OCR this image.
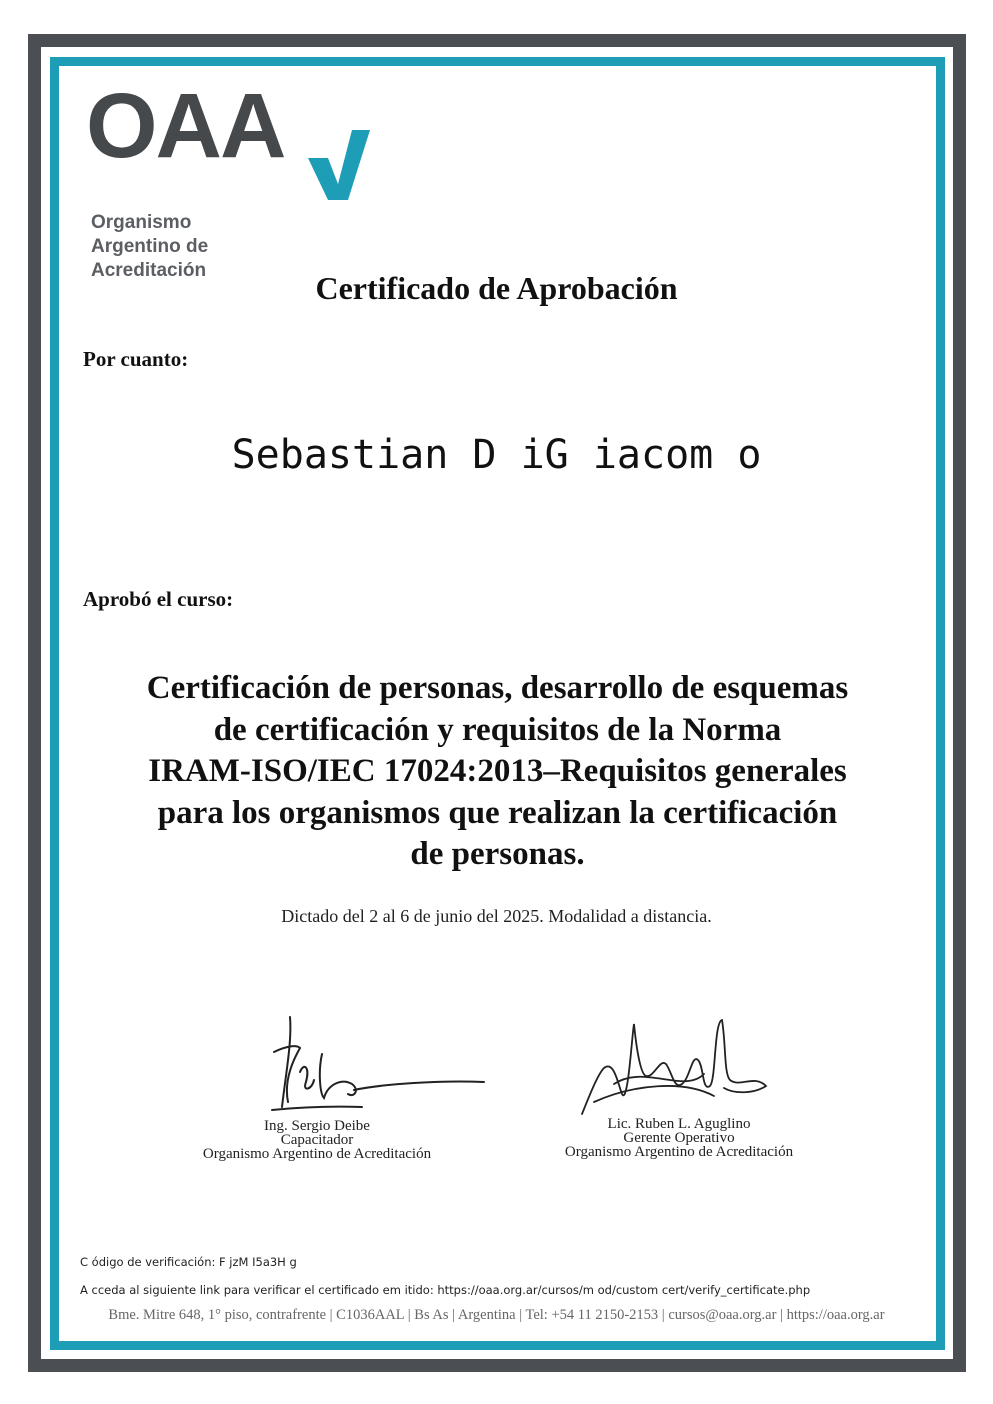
OAA
Organismo
Argentino de
Acreditación	Certificado de Aprobación
Por cuanto:
Sebastian D iG iacom o
Aprobó el curso:
Certificación de personas, desarrollo de esquemas
de certificación y requisitos de la Norma
IRAM-ISO/IEC 17024:2013–Requisitos generales
para los organismos que realizan la certificación
de personas.
Dictado del 2 al 6 de junio del 2025. Modalidad a distancia.
Ing. Sergio Deibe
Capacitador
Organismo Argentino de Acreditación
Lic. Ruben L. Aguglino
Gerente Operativo
Organismo Argentino de Acreditación
C ódigo de verificación: F jzM I5a3H g
A cceda al siguiente link para verificar el certificado em itido: https://oaa.org.ar/cursos/m od/custom cert/verify_certificate.php
Bme. Mitre 648, 1° piso, contrafrente | C1036AAL | Bs As | Argentina | Tel: +54 11 2150-2153 | cursos@oaa.org.ar | https://oaa.org.ar
